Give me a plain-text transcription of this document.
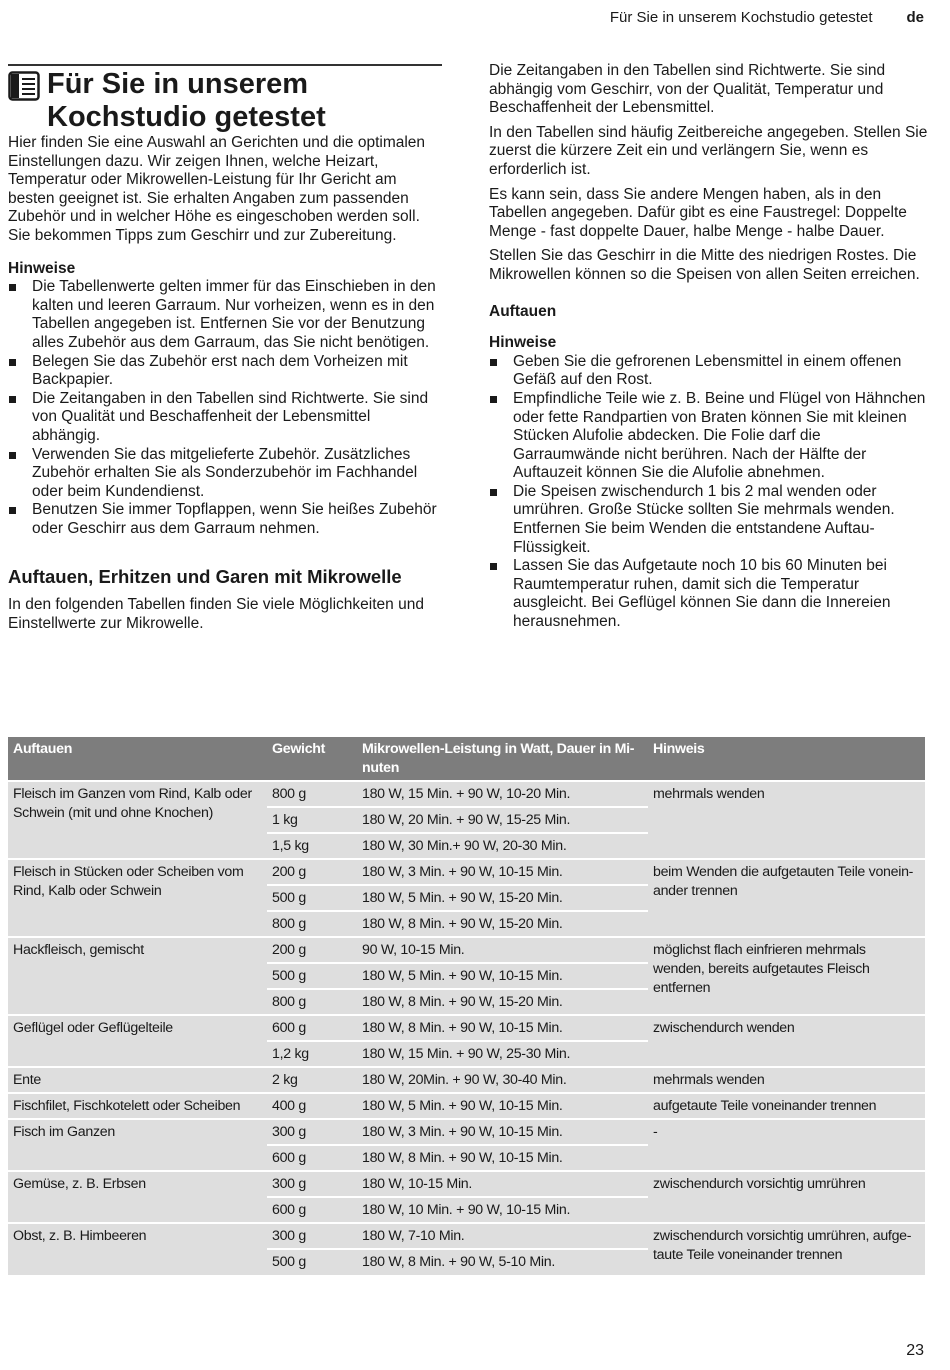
Für Sie in unserem Kochstudio getestet de
Für Sie in unserem
Kochstudio getestet

Hier finden Sie eine Auswahl an Gerichten und die optimalen Einstellungen dazu. Wir zeigen Ihnen, welche Heizart, Temperatur oder Mikrowellen-Leistung für Ihr Gericht am besten geeignet ist. Sie erhalten Angaben zum passenden Zubehör und in welcher Höhe es eingeschoben werden soll. Sie bekommen Tipps zum Geschirr und zur Zubereitung.

Hinweise

Die Tabellenwerte gelten immer für das Einschieben in den kalten und leeren Garraum. Nur vorheizen, wenn es in den Tabellen angegeben ist. Entfernen Sie vor der Benutzung alles Zubehör aus dem Garraum, das Sie nicht benötigen.
Belegen Sie das Zubehör erst nach dem Vorheizen mit Backpapier.
Die Zeitangaben in den Tabellen sind Richtwerte. Sie sind von Qualität und Beschaffenheit der Lebensmittel abhängig.
Verwenden Sie das mitgelieferte Zubehör. Zusätzliches Zubehör erhalten Sie als Sonderzubehör im Fachhandel oder beim Kundendienst.
Benutzen Sie immer Topflappen, wenn Sie heißes Zubehör oder Geschirr aus dem Garraum nehmen.
Auftauen, Erhitzen und Garen mit Mikrowelle

In den folgenden Tabellen finden Sie viele Möglichkeiten und Einstellwerte zur Mikrowelle.

Die Zeitangaben in den Tabellen sind Richtwerte. Sie sind abhängig vom Geschirr, von der Qualität, Temperatur und Beschaffenheit der Lebensmittel.

In den Tabellen sind häufig Zeitbereiche angegeben. Stellen Sie zuerst die kürzere Zeit ein und verlängern Sie, wenn es erforderlich ist.

Es kann sein, dass Sie andere Mengen haben, als in den Tabellen angegeben. Dafür gibt es eine Faustregel: Doppelte Menge - fast doppelte Dauer, halbe Menge - halbe Dauer.

Stellen Sie das Geschirr in die Mitte des niedrigen Rostes. Die Mikrowellen können so die Speisen von allen Seiten erreichen.

Auftauen

Hinweise

Geben Sie die gefrorenen Lebensmittel in einem offenen Gefäß auf den Rost.
Empfindliche Teile wie z. B. Beine und Flügel von Hähnchen oder fette Randpartien von Braten können Sie mit kleinen Stücken Alufolie abdecken. Die Folie darf die Garraumwände nicht berühren. Nach der Hälfte der Auftauzeit können Sie die Alufolie abnehmen.
Die Speisen zwischendurch 1 bis 2 mal wenden oder umrühren. Große Stücke sollten Sie mehrmals wenden. Entfernen Sie beim Wenden die entstandene Auftau-Flüssigkeit.
Lassen Sie das Aufgetaute noch 10 bis 60 Minuten bei Raumtemperatur ruhen, damit sich die Temperatur ausgleicht. Bei Geflügel können Sie dann die Innereien herausnehmen.
Auftauen	Gewicht	Mikrowellen-Leistung in Watt, Dauer in Mi-nuten	Hinweis
Fleisch im Ganzen vom Rind, Kalb oder Schwein (mit und ohne Knochen)	800 g	180 W, 15 Min. + 90 W, 10-20 Min.	mehrmals wenden
	1 kg	180 W, 20 Min. + 90 W, 15-25 Min.	
	1,5 kg	180 W, 30 Min.+ 90 W, 20-30 Min.	
Fleisch in Stücken oder Scheiben vom Rind, Kalb oder Schwein	200 g	180 W, 3 Min. + 90 W, 10-15 Min.	beim Wenden die aufgetauten Teile vonein-ander trennen
	500 g	180 W, 5 Min. + 90 W, 15-20 Min.	
	800 g	180 W, 8 Min. + 90 W, 15-20 Min.	
Hackfleisch, gemischt	200 g	90 W, 10-15 Min.	möglichst flach einfrieren mehrmals wenden, bereits aufgetautes Fleisch entfernen
	500 g	180 W, 5 Min. + 90 W, 10-15 Min.	
	800 g	180 W, 8 Min. + 90 W, 15-20 Min.	
Geflügel oder Geflügelteile	600 g	180 W, 8 Min. + 90 W, 10-15 Min.	zwischendurch wenden
	1,2 kg	180 W, 15 Min. + 90 W, 25-30 Min.	
Ente	2 kg	180 W, 20Min. + 90 W, 30-40 Min.	mehrmals wenden
Fischfilet, Fischkotelett oder Scheiben	400 g	180 W, 5 Min. + 90 W, 10-15 Min.	aufgetaute Teile voneinander trennen
Fisch im Ganzen	300 g	180 W, 3 Min. + 90 W, 10-15 Min.	-
	600 g	180 W, 8 Min. + 90 W, 10-15 Min.	
Gemüse, z. B. Erbsen	300 g	180 W, 10-15 Min.	zwischendurch vorsichtig umrühren
	600 g	180 W, 10 Min. + 90 W, 10-15 Min.	
Obst, z. B. Himbeeren	300 g	180 W, 7-10 Min.	zwischendurch vorsichtig umrühren, aufge-taute Teile voneinander trennen
	500 g	180 W, 8 Min. + 90 W, 5-10 Min.	
23
